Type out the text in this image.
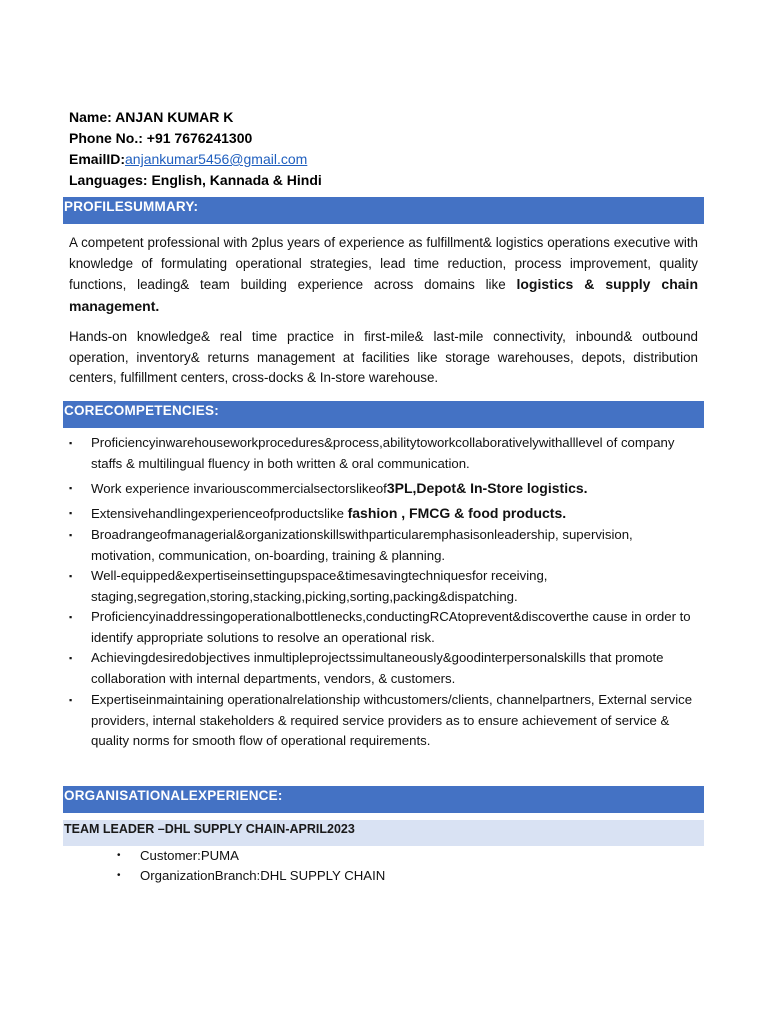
Name: ANJAN KUMAR K
Phone No.: +91 7676241300
EmailID:anjankumar5456@gmail.com
Languages: English, Kannada & Hindi
PROFILESUMMARY:
A competent professional with 2plus years of experience as fulfillment& logistics operations executive with knowledge of formulating operational strategies, lead time reduction, process improvement, quality functions, leading& team building experience across domains like logistics & supply chain management.
Hands-on knowledge& real time practice in first-mile& last-mile connectivity, inbound& outbound operation, inventory& returns management at facilities like storage warehouses, depots, distribution centers, fulfillment centers, cross-docks & In-store warehouse.
CORECOMPETENCIES:
▪	Proficiencyinwarehouseworkprocedures&process,abilitytoworkcollaborativelywithalllevel of company staffs & multilingual fluency in both written & oral communication.
▪	Work experience invariouscommercialsectorslikeof3PL,Depot& In-Store logistics.
▪	Extensivehandlingexperienceofproductslike fashion , FMCG & food products.
▪	Broadrangeofmanagerial&organizationskillswithparticularemphasisonleadership, supervision, motivation, communication, on-boarding, training & planning.
▪	Well-equipped&expertiseinsettingupspace&timesavingtechniquesfor receiving, staging,segregation,storing,stacking,picking,sorting,packing&dispatching.
▪	Proficiencyinaddressingoperationalbottlenecks,conductingRCAtoprevent&discoverthe cause in order to identify appropriate solutions to resolve an operational risk.
▪	Achievingdesiredobjectives inmultipleprojectssimultaneously&goodinterpersonalskills that promote collaboration with internal departments, vendors, & customers.
▪	Expertiseinmaintaining operationalrelationship withcustomers/clients, channelpartners, External service providers, internal stakeholders & required service providers as to ensure achievement of service & quality norms for smooth flow of operational requirements.
ORGANISATIONALEXPERIENCE:
TEAM LEADER –DHL SUPPLY CHAIN-APRIL2023
• Customer:PUMA
• OrganizationBranch:DHL SUPPLY CHAIN
